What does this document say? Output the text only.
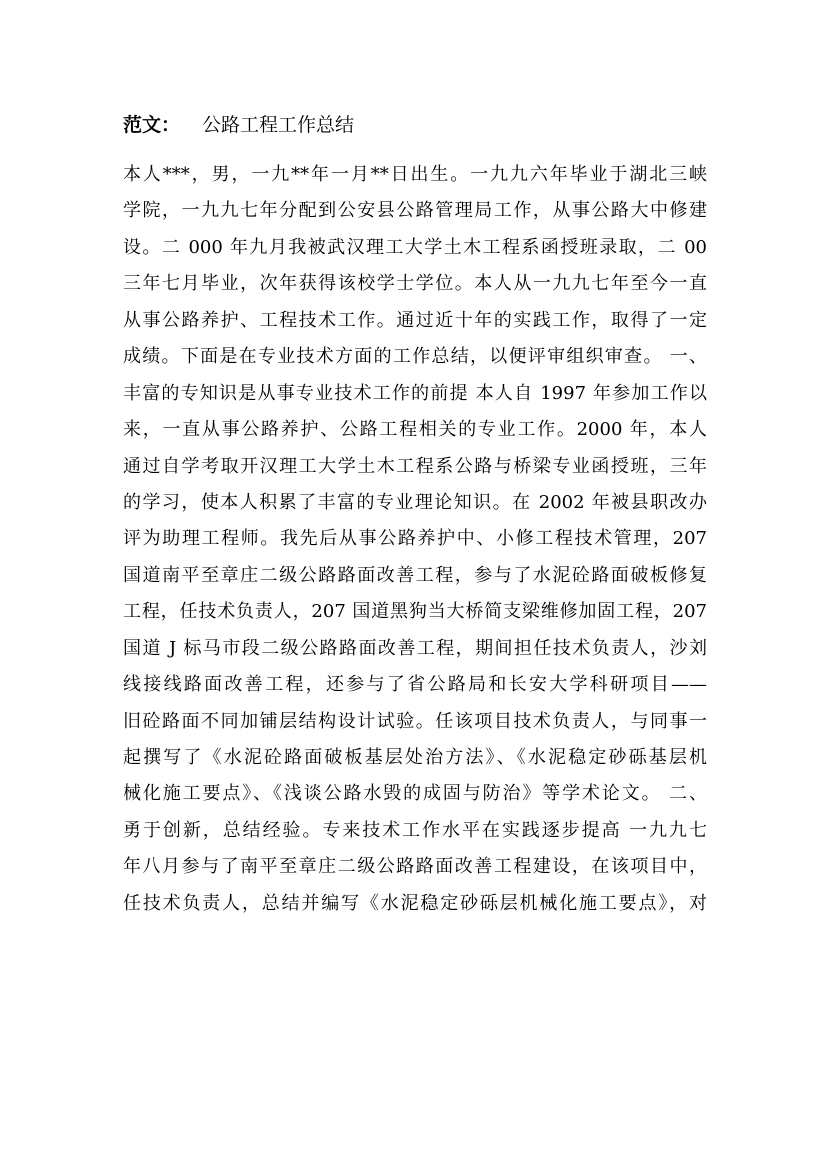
范文： 公路工程工作总结
本人***，男，一九**年一月**日出生。一九九六年毕业于湖北三峡
学院，一九九七年分配到公安县公路管理局工作，从事公路大中修建
设。二 000 年九月我被武汉理工大学土木工程系函授班录取，二 00
三年七月毕业，次年获得该校学士学位。本人从一九九七年至今一直
从事公路养护、工程技术工作。通过近十年的实践工作，取得了一定
成绩。下面是在专业技术方面的工作总结，以便评审组织审查。 一、
丰富的专知识是从事专业技术工作的前提 本人自 1997 年参加工作以
来，一直从事公路养护、公路工程相关的专业工作。2000 年，本人
通过自学考取开汉理工大学土木工程系公路与桥梁专业函授班，三年
的学习，使本人积累了丰富的专业理论知识。在 2002 年被县职改办
评为助理工程师。我先后从事公路养护中、小修工程技术管理，207
国道南平至章庄二级公路路面改善工程，参与了水泥砼路面破板修复
工程，任技术负责人，207 国道黑狗当大桥简支梁维修加固工程，207
国道 J 标马市段二级公路路面改善工程，期间担任技术负责人，沙刘
线接线路面改善工程，还参与了省公路局和长安大学科研项目——
旧砼路面不同加铺层结构设计试验。任该项目技术负责人，与同事一
起撰写了《水泥砼路面破板基层处治方法》、《水泥稳定砂砾基层机
械化施工要点》、《浅谈公路水毁的成固与防治》等学术论文。 二、
勇于创新，总结经验。专来技术工作水平在实践逐步提高 一九九七
年八月参与了南平至章庄二级公路路面改善工程建设，在该项目中，
任技术负责人，总结并编写《水泥稳定砂砾层机械化施工要点》，对
